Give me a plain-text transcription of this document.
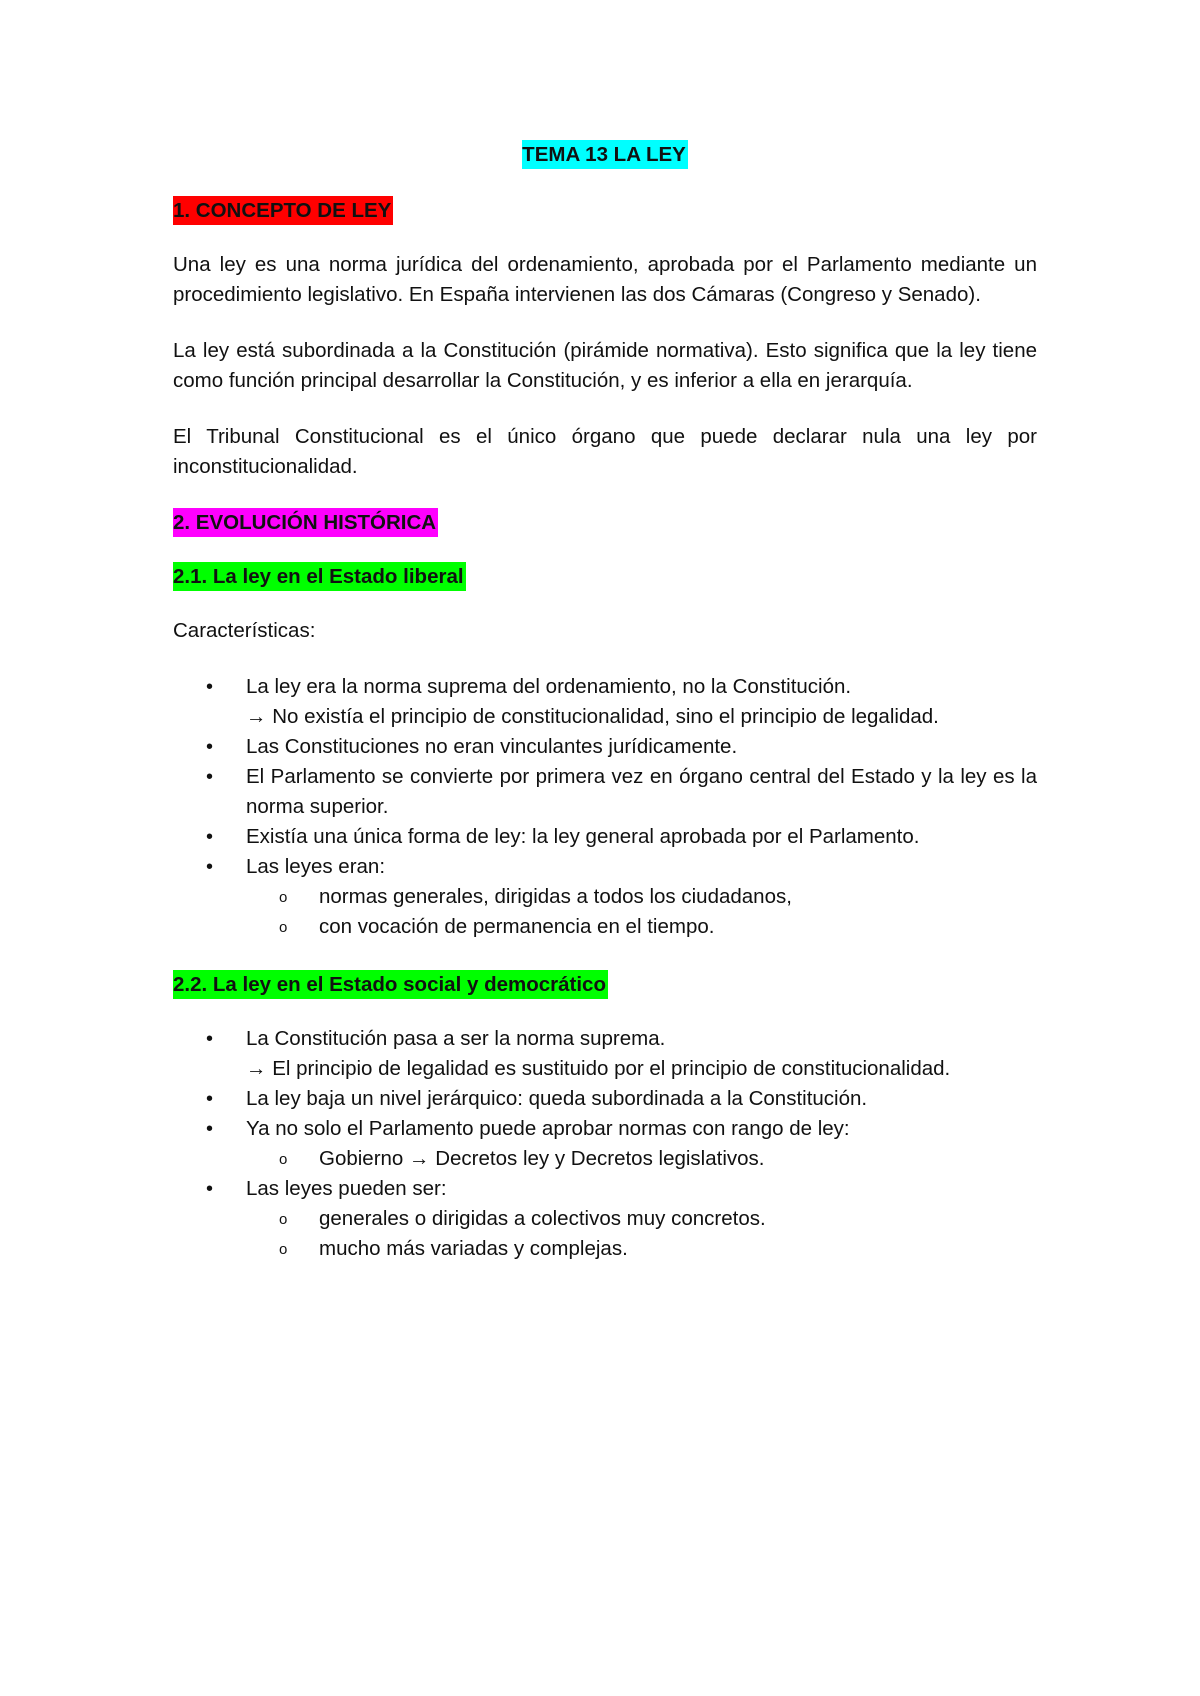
TEMA 13 LA LEY
1. CONCEPTO DE LEY

Una ley es una norma jurídica del ordenamiento, aprobada por el Parlamento mediante un procedimiento legislativo. En España intervienen las dos Cámaras (Congreso y Senado).

La ley está subordinada a la Constitución (pirámide normativa). Esto significa que la ley tiene como función principal desarrollar la Constitución, y es inferior a ella en jerarquía.

El Tribunal Constitucional es el único órgano que puede declarar nula una ley por inconstitucionalidad.

2. EVOLUCIÓN HISTÓRICA
2.1. La ley en el Estado liberal

Características:

• La ley era la norma suprema del ordenamiento, no la Constitución.
→ No existía el principio de constitucionalidad, sino el principio de legalidad.
• Las Constituciones no eran vinculantes jurídicamente.
• El Parlamento se convierte por primera vez en órgano central del Estado y la ley es la norma superior.
• Existía una única forma de ley: la ley general aprobada por el Parlamento.
• Las leyes eran:
o normas generales, dirigidas a todos los ciudadanos,
o con vocación de permanencia en el tiempo.
2.2. La ley en el Estado social y democrático
• La Constitución pasa a ser la norma suprema.
→ El principio de legalidad es sustituido por el principio de constitucionalidad.
• La ley baja un nivel jerárquico: queda subordinada a la Constitución.
• Ya no solo el Parlamento puede aprobar normas con rango de ley:
o Gobierno → Decretos ley y Decretos legislativos.
• Las leyes pueden ser:
o generales o dirigidas a colectivos muy concretos.
o mucho más variadas y complejas.
